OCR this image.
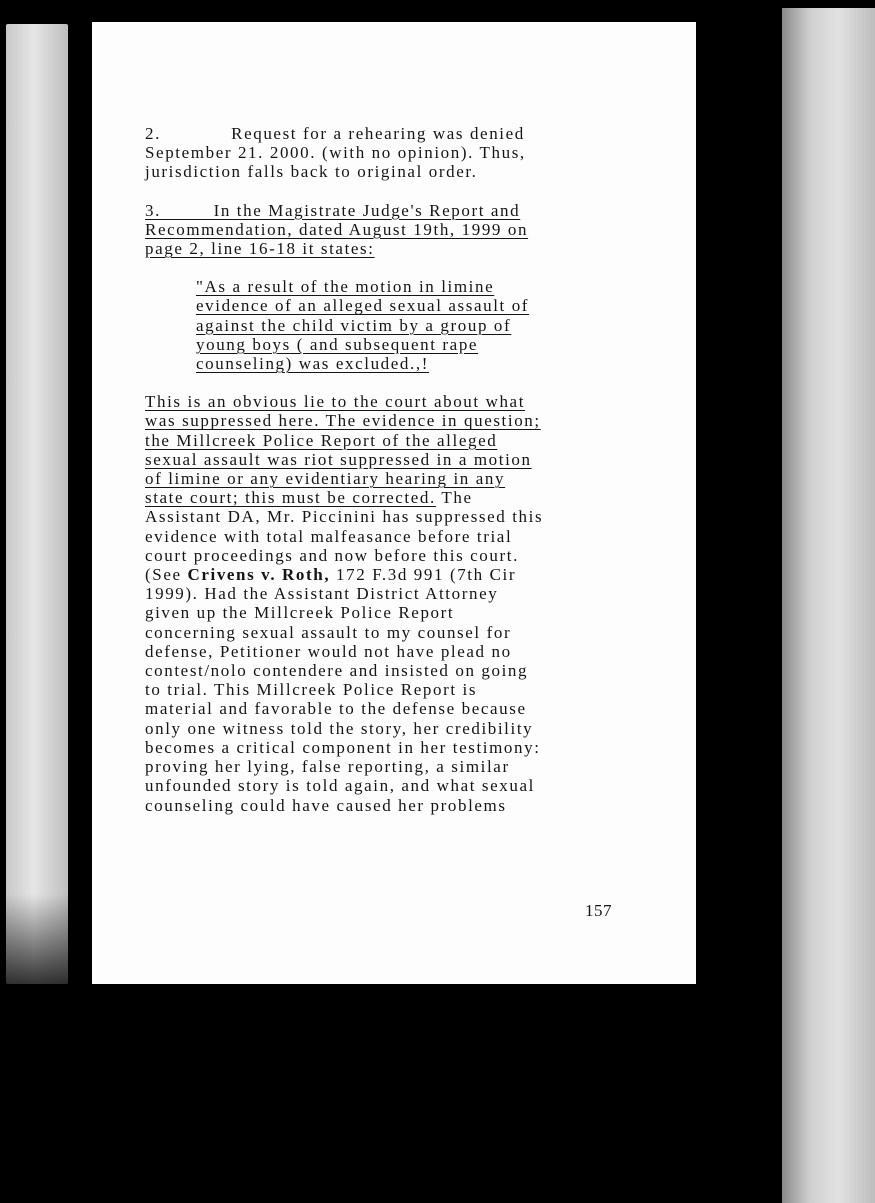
2.            Request for a rehearing was denied

September 21. 2000. (with no opinion). Thus,

jurisdiction falls back to original order.

3.         In the Magistrate Judge's Report and

Recommendation, dated August 19th, 1999 on

page 2, line 16-18 it states:

"As a result of the motion in limine

evidence of an alleged sexual assault of

against the child victim by a group of

young boys ( and subsequent rape

counseling) was excluded.,!

This is an obvious lie to the court about what

was suppressed here. The evidence in question;

the Millcreek Police Report of the alleged

sexual assault was riot suppressed in a motion

of limine or any evidentiary hearing in any

state court; this must be corrected. The

Assistant DA, Mr. Piccinini has suppressed this

evidence with total malfeasance before trial

court proceedings and now before this court.

(See Crivens v. Roth, 172 F.3d 991 (7th Cir

1999). Had the Assistant District Attorney

given up the Millcreek Police Report

concerning sexual assault to my counsel for

defense, Petitioner would not have plead no

contest/nolo contendere and insisted on going

to trial. This Millcreek Police Report is

material and favorable to the defense because

only one witness told the story, her credibility

becomes a critical component in her testimony:

proving her lying, false reporting, a similar

unfounded story is told again, and what sexual

counseling could have caused her problems

157
